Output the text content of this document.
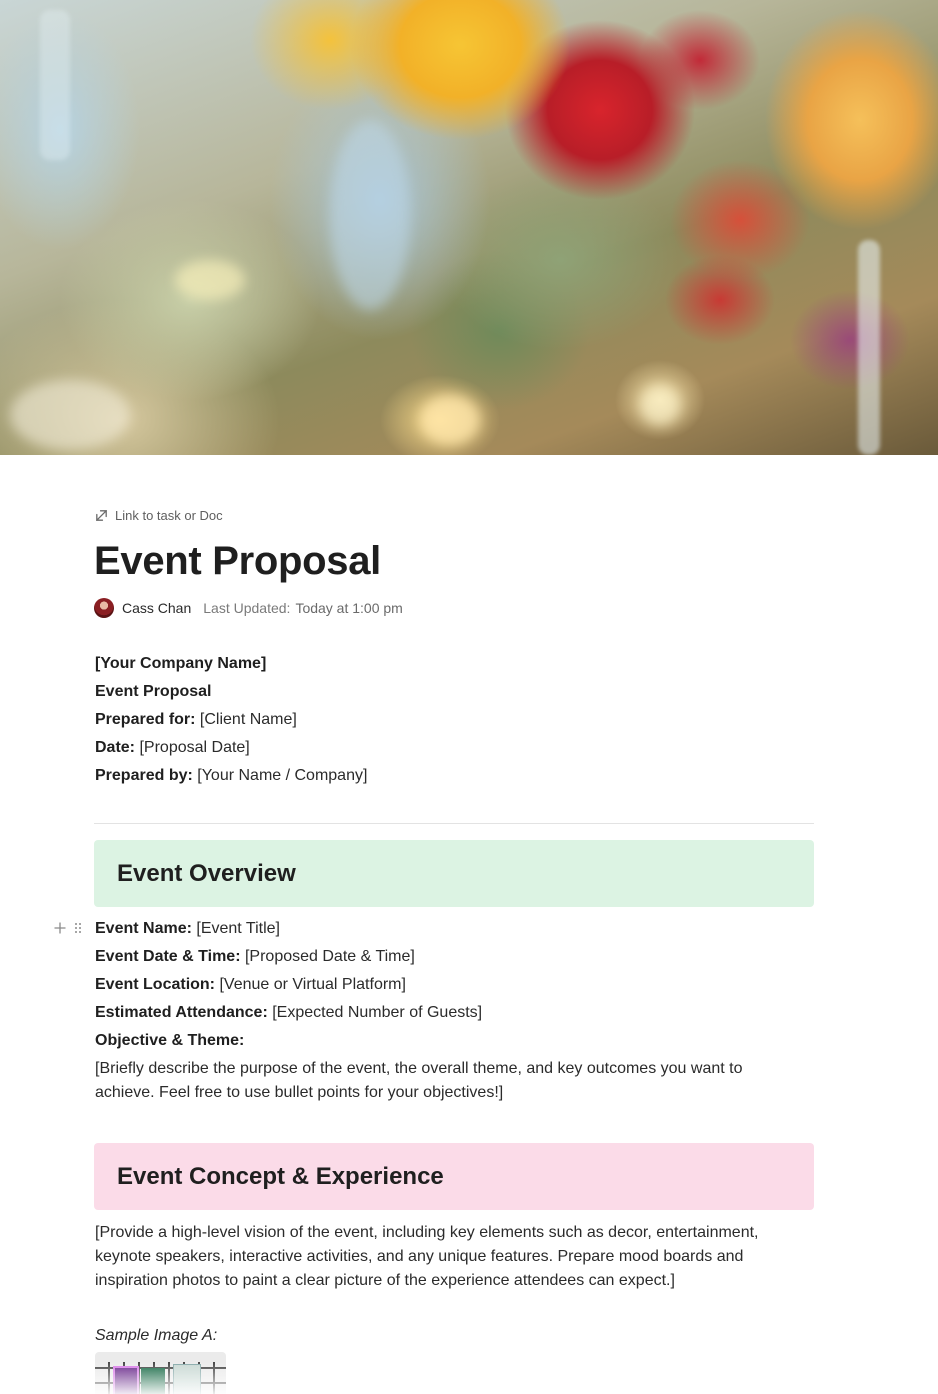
Link to task or Doc
Event Proposal
Cass Chan Last Updated: Today at 1:00 pm
[Your Company Name]
Event Proposal
Prepared for: [Client Name]
Date: [Proposal Date]
Prepared by: [Your Name / Company]
Event Overview
Event Name: [Event Title]
Event Date & Time: [Proposed Date & Time]
Event Location: [Venue or Virtual Platform]
Estimated Attendance: [Expected Number of Guests]
Objective & Theme:
[Briefly describe the purpose of the event, the overall theme, and key outcomes you want to achieve. Feel free to use bullet points for your objectives!]
Event Concept & Experience
[Provide a high-level vision of the event, including key elements such as decor, entertainment, keynote speakers, interactive activities, and any unique features. Prepare mood boards and inspiration photos to paint a clear picture of the experience attendees can expect.]
Sample Image A:
